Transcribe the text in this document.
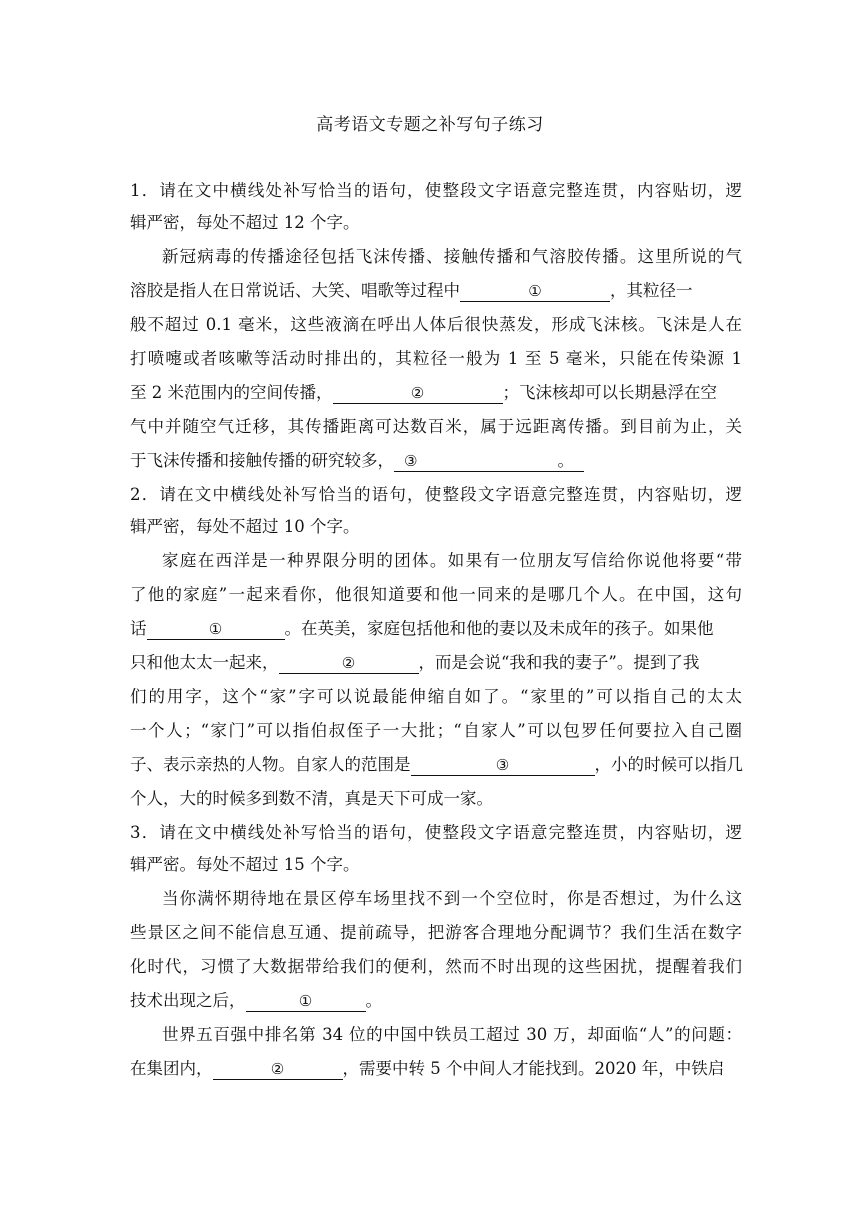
高考语文专题之补写句子练习
1．请在文中横线处补写恰当的语句，使整段文字语意完整连贯，内容贴切，逻
辑严密，每处不超过 12 个字。
新冠病毒的传播途径包括飞沫传播、接触传播和气溶胶传播。这里所说的气
溶胶是指人在日常说话、大笑、唱歌等过程中	①	，其粒径一
般不超过 0.1 毫米，这些液滴在呼出人体后很快蒸发，形成飞沫核。飞沫是人在
打喷嚏或者咳嗽等活动时排出的，其粒径一般为 1 至 5 毫米，只能在传染源 1
至 2 米范围内的空间传播，	②	；飞沫核却可以长期悬浮在空
气中并随空气迁移，其传播距离可达数百米，属于远距离传播。到目前为止，关
于飞沫传播和接触传播的研究较多， ③	。
2．请在文中横线处补写恰当的语句，使整段文字语意完整连贯，内容贴切，逻
辑严密，每处不超过 10 个字。
家庭在西洋是一种界限分明的团体。如果有一位朋友写信给你说他将要“带
了他的家庭”一起来看你，他很知道要和他一同来的是哪几个人。在中国，这句
话	①	。在英美，家庭包括他和他的妻以及未成年的孩子。如果他
只和他太太一起来，	②	，而是会说“我和我的妻子”。提到了我
们的用字，这个“家”字可以说最能伸缩自如了。“家里的”可以指自己的太太
一个人；“家门”可以指伯叔侄子一大批；“自家人”可以包罗任何要拉入自己圈
子、表示亲热的人物。自家人的范围是	③	，小的时候可以指几
个人，大的时候多到数不清，真是天下可成一家。
3．请在文中横线处补写恰当的语句，使整段文字语意完整连贯，内容贴切，逻
辑严密。每处不超过 15 个字。
当你满怀期待地在景区停车场里找不到一个空位时，你是否想过，为什么这
些景区之间不能信息互通、提前疏导，把游客合理地分配调节？我们生活在数字
化时代，习惯了大数据带给我们的便利，然而不时出现的这些困扰，提醒着我们
技术出现之后，	①	。
世界五百强中排名第 34 位的中国中铁员工超过 30 万，却面临“人”的问题：
在集团内，	②	，需要中转 5 个中间人才能找到。2020 年，中铁启
